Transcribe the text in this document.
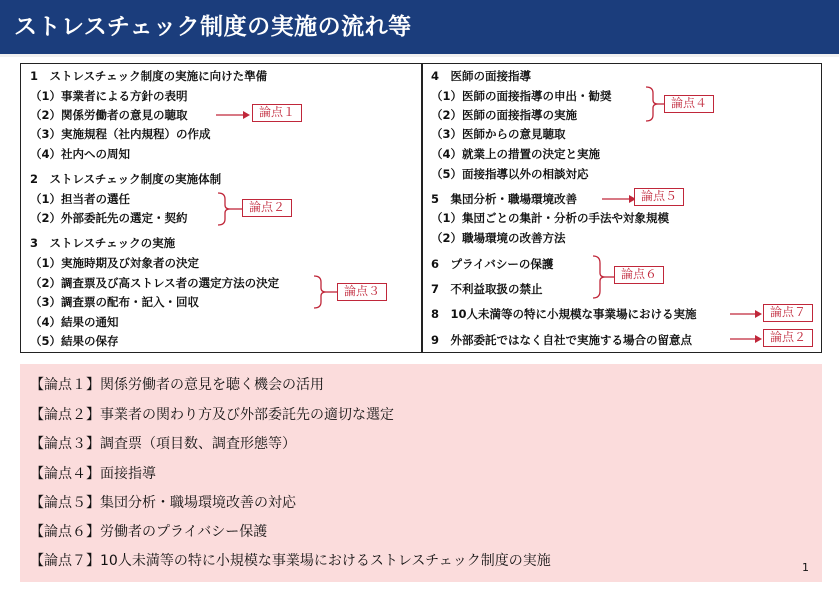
ストレスチェック制度の実施の流れ等
1　ストレスチェック制度の実施に向けた準備
（1）事業者による方針の表明
（2）関係労働者の意見の聴取
（3）実施規程（社内規程）の作成
（4）社内への周知
2　ストレスチェック制度の実施体制
（1）担当者の選任
（2）外部委託先の選定・契約
3　ストレスチェックの実施
（1）実施時期及び対象者の決定
（2）調査票及び高ストレス者の選定方法の決定
（3）調査票の配布・記入・回収
（4）結果の通知
（5）結果の保存
論点１
論点２
論点３
4　医師の面接指導
（1）医師の面接指導の申出・勧奨
（2）医師の面接指導の実施
（3）医師からの意見聴取
（4）就業上の措置の決定と実施
（5）面接指導以外の相談対応
5　集団分析・職場環境改善
（1）集団ごとの集計・分析の手法や対象規模
（2）職場環境の改善方法
6　プライバシーの保護
7　不利益取扱の禁止
8　10人未満等の特に小規模な事業場における実施
9　外部委託ではなく自社で実施する場合の留意点
論点４
論点５
論点６
論点７
論点２
【論点１】関係労働者の意見を聴く機会の活用
【論点２】事業者の関わり方及び外部委託先の適切な選定
【論点３】調査票（項目数、調査形態等）
【論点４】面接指導
【論点５】集団分析・職場環境改善の対応
【論点６】労働者のプライバシー保護
【論点７】10人未満等の特に小規模な事業場におけるストレスチェック制度の実施	1
